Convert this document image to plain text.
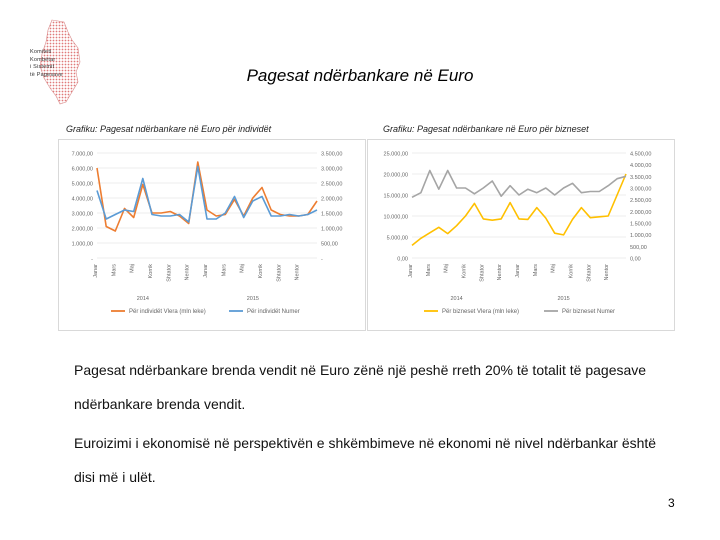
Komiteti
Kombëtar
i Sistemit
të Pagesave	Pagesat ndërbankare në Euro
Grafiku: Pagesat ndërbankare në Euro për individët	Grafiku: Pagesat ndërbankare në Euro për bizneset
-
1.000,00
2.000,00
3.000,00
4.000,00
5.000,00
6.000,00
7.000,00
-
500,00
1.000,00
1.500,00
2.000,00
2.500,00
3.000,00
3.500,00
Janar Mars Maj Korrik Shtator Nentor Janar Mars Maj Korrik Shtator Nentor
2014	2015
Për individët Vlera (mln leke)	Për individët Numer
0,00
5.000,00
10.000,00
15.000,00
20.000,00
25.000,00
0,00
500,00
1.000,00
1.500,00
2.000,00
2.500,00
3.000,00
3.500,00
4.000,00
4.500,00
Janar Mars Maj Korrik Shtator Nentor Janar Mars Maj Korrik Shtator Nentor
2014	2015
Për bizneset Vlera (mln leke)	Për bizneset Numer
Pagesat ndërbankare brenda vendit në Euro zënë një peshë rreth 20% të totalit të pagesave ndërbankare brenda vendit.
Euroizimi i ekonomisë në perspektivën e shkëmbimeve në ekonomi në nivel ndërbankar është disi më i ulët.
3
